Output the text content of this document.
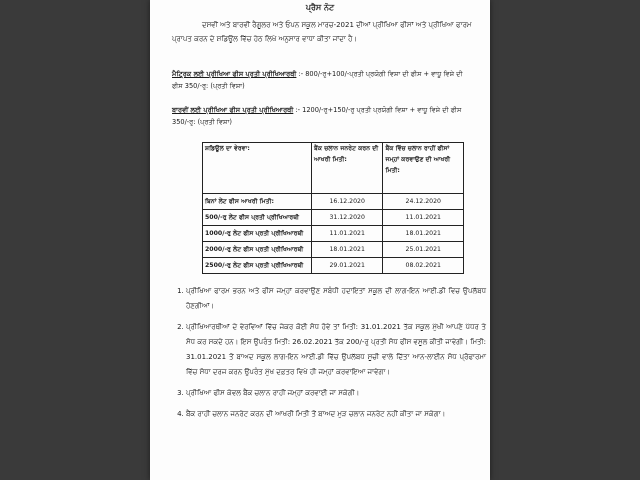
ਪ੍ਰੈਸ ਨੋਟ
ਦਸਵੀਂ ਅਤੇ ਬਾਰਵੀਂ ਰੈਗੂਲਰ ਅਤੇ ਓਪਨ ਸਕੂਲ ਮਾਰਚ-2021 ਦੀਆਂ ਪ੍ਰੀਖਿਆ ਫੀਸਾਂ ਅਤੇ ਪ੍ਰੀਖਿਆ ਫਾਰਮ ਪ੍ਰਾਪਤ ਕਰਨ ਦੇ ਸ਼ਡਿਊਲ ਵਿੱਚ ਹੇਠ ਲਿਖੇ ਅਨੁਸਾਰ ਵਾਧਾ ਕੀਤਾ ਜਾਂਦਾ ਹੈ।
ਮੈਟ੍ਰਿਕ ਲਈ ਪ੍ਰੀਖਿਆ ਫੀਸ ਪ੍ਰਤੀ ਪ੍ਰੀਖਿਆਰਥੀ :- 800/-ਰੁ+100/-ਪ੍ਰਤੀ ਪ੍ਰਯੋਗੀ ਵਿਸ਼ਾ ਦੀ ਫੀਸ + ਵਾਧੂ ਵਿਸ਼ੇ ਦੀ ਫੀਸ 350/-ਰੁ: (ਪ੍ਰਤੀ ਵਿਸ਼ਾ)
ਬਾਰਵੀਂ ਲਈ ਪ੍ਰੀਖਿਆ ਫੀਸ ਪ੍ਰਤੀ ਪ੍ਰੀਖਿਆਰਥੀ :- 1200/-ਰੁ+150/-ਰੁ ਪ੍ਰਤੀ ਪ੍ਰਯੋਗੀ ਵਿਸ਼ਾ + ਵਾਧੂ ਵਿਸ਼ੇ ਦੀ ਫੀਸ 350/-ਰੁ: (ਪ੍ਰਤੀ ਵਿਸ਼ਾ)
ਸ਼ਡਿਊਲ ਦਾ ਵੇਰਵਾ:	ਬੈਂਕ ਚਲਾਨ ਜਨਰੇਟ ਕਰਨ ਦੀ ਆਖਰੀ ਮਿਤੀ:	ਬੈਂਕ ਵਿੱਚ ਚਲਾਨ ਰਾਹੀਂ ਫੀਸਾਂ ਜਮ੍ਹਾਂ ਕਰਵਾਉਣ ਦੀ ਆਖਰੀ ਮਿਤੀ:
ਬਿਨਾਂ ਲੇਟ ਫੀਸ ਆਖਰੀ ਮਿਤੀ:	16.12.2020	24.12.2020
500/-ਰੁ ਲੇਟ ਫੀਸ ਪ੍ਰਤੀ ਪ੍ਰੀਖਿਆਰਥੀ	31.12.2020	11.01.2021
1000/-ਰੁ ਲੇਟ ਫੀਸ ਪ੍ਰਤੀ ਪ੍ਰੀਖਿਆਰਥੀ	11.01.2021	18.01.2021
2000/-ਰੁ ਲੇਟ ਫੀਸ ਪ੍ਰਤੀ ਪ੍ਰੀਖਿਆਰਥੀ	18.01.2021	25.01.2021
2500/-ਰੁ ਲੇਟ ਫੀਸ ਪ੍ਰਤੀ ਪ੍ਰੀਖਿਆਰਥੀ	29.01.2021	08.02.2021
1. ਪ੍ਰੀਖਿਆ ਫਾਰਮ ਭਰਨ ਅਤੇ ਫੀਸ ਜਮ੍ਹਾਂ ਕਰਵਾਉਣ ਸਬੰਧੀ ਹਦਾਇਤਾਂ ਸਕੂਲ ਦੀ ਲਾਗ-ਇਨ ਆਈ.ਡੀ ਵਿਚ ਉਪਲੱਬਧ ਹੋਣਗੀਆਂ।
2. ਪ੍ਰੀਖਿਆਰਥੀਆਂ ਦੇ ਵੇਰਵਿਆਂ ਵਿੱਚ ਜੇਕਰ ਕੋਈ ਸੋਧ ਹੋਵੇ ਤਾਂ ਮਿਤੀ: 31.01.2021 ਤੱਕ ਸਕੂਲ ਮੁੱਖੀ ਆਪਣੇ ਪੱਧਰ ਤੇ ਸੋਧ ਕਰ ਸਕਦੇ ਹਨ। ਇਸ ਉਪਰੰਤ ਮਿਤੀ: 26.02.2021 ਤੱਕ 200/-ਰੁ ਪ੍ਰਤੀ ਸੋਧ ਫੀਸ ਵਸੂਲ ਕੀਤੀ ਜਾਵੇਗੀ। ਮਿਤੀ: 31.01.2021 ਤੋਂ ਬਾਅਦ ਸਕੂਲ ਲਾਗ-ਇਨ ਆਈ.ਡੀ ਵਿੱਚ ਉਪਲੱਬਧ ਸੂਚੀ ਵਾਲੇ ਦਿੱਤਾ ਆਨ-ਲਾਈਨ ਸੋਧ ਪ੍ਰੋਫਾਰਮਾ ਵਿੱਚ ਸੋਧਾ ਦਰਜ ਕਰਨ ਉਪਰੰਤ ਮੁੱਖ ਦਫ਼ਤਰ ਵਿਖੇ ਹੀ ਜਮ੍ਹਾਂ ਕਰਵਾਇਆ ਜਾਵੇਗਾ।
3. ਪ੍ਰੀਖਿਆ ਫੀਸ ਕੇਵਲ ਬੈਂਕ ਚਲਾਨ ਰਾਹੀਂ ਜਮ੍ਹਾਂ ਕਰਵਾਈ ਜਾ ਸਕੇਗੀ।
4. ਬੈਂਕ ਰਾਹੀਂ ਚਲਾਨ ਜਨਰੇਟ ਕਰਨ ਦੀ ਆਖਰੀ ਮਿਤੀ ਤੋਂ ਬਾਅਦ ਮੁੜ ਚਲਾਨ ਜਨਰੇਟ ਨਹੀਂ ਕੀਤਾ ਜਾ ਸਕੇਗਾ।
